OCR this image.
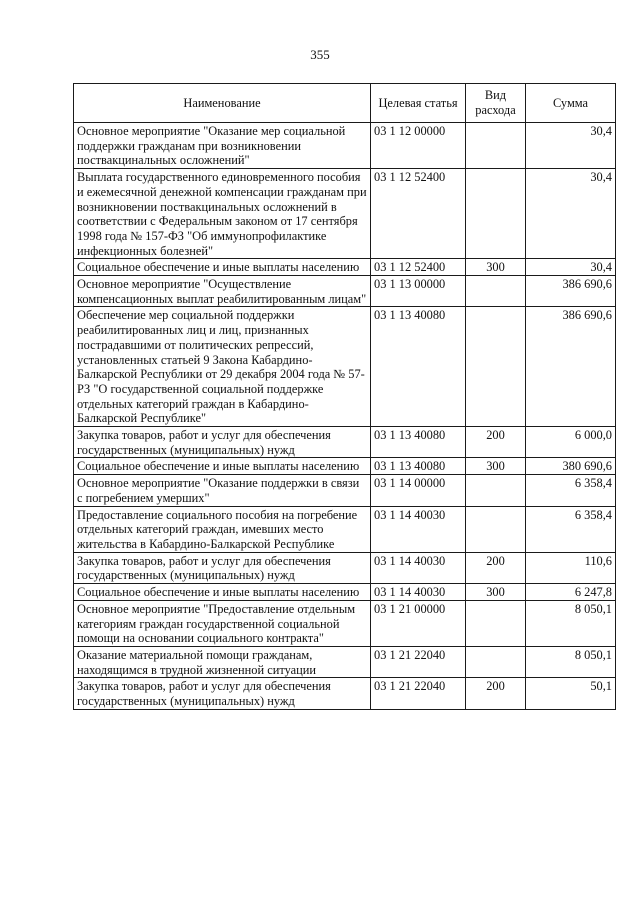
355
Наименование	Целевая статья	Вид расхода	Сумма
Основное мероприятие "Оказание мер социальной поддержки гражданам при возникновении поствакцинальных осложнений"	03 1 12 00000		30,4
Выплата государственного единовременного пособия и ежемесячной денежной компенсации гражданам при возникновении поствакцинальных осложнений в соответствии с Федеральным законом от 17 сентября 1998 года № 157-ФЗ "Об иммунопрофилактике инфекционных болезней"	03 1 12 52400		30,4
Социальное обеспечение и иные выплаты населению	03 1 12 52400	300	30,4
Основное мероприятие "Осуществление компенсационных выплат реабилитированным лицам"	03 1 13 00000		386 690,6
Обеспечение мер социальной поддержки реабилитированных лиц и лиц, признанных пострадавшими от политических репрессий, установленных статьей 9 Закона Кабардино-Балкарской Республики от 29 декабря 2004 года № 57-РЗ "О государственной социальной поддержке отдельных категорий граждан в Кабардино-Балкарской Республике"	03 1 13 40080		386 690,6
Закупка товаров, работ и услуг для обеспечения государственных (муниципальных) нужд	03 1 13 40080	200	6 000,0
Социальное обеспечение и иные выплаты населению	03 1 13 40080	300	380 690,6
Основное мероприятие "Оказание поддержки в связи с погребением умерших"	03 1 14 00000		6 358,4
Предоставление социального пособия на погребение отдельных категорий граждан, имевших место жительства в Кабардино-Балкарской Республике	03 1 14 40030		6 358,4
Закупка товаров, работ и услуг для обеспечения государственных (муниципальных) нужд	03 1 14 40030	200	110,6
Социальное обеспечение и иные выплаты населению	03 1 14 40030	300	6 247,8
Основное мероприятие "Предоставление отдельным категориям граждан государственной социальной помощи на основании социального контракта"	03 1 21 00000		8 050,1
Оказание материальной помощи гражданам, находящимся в трудной жизненной ситуации	03 1 21 22040		8 050,1
Закупка товаров, работ и услуг для обеспечения государственных (муниципальных) нужд	03 1 21 22040	200	50,1
